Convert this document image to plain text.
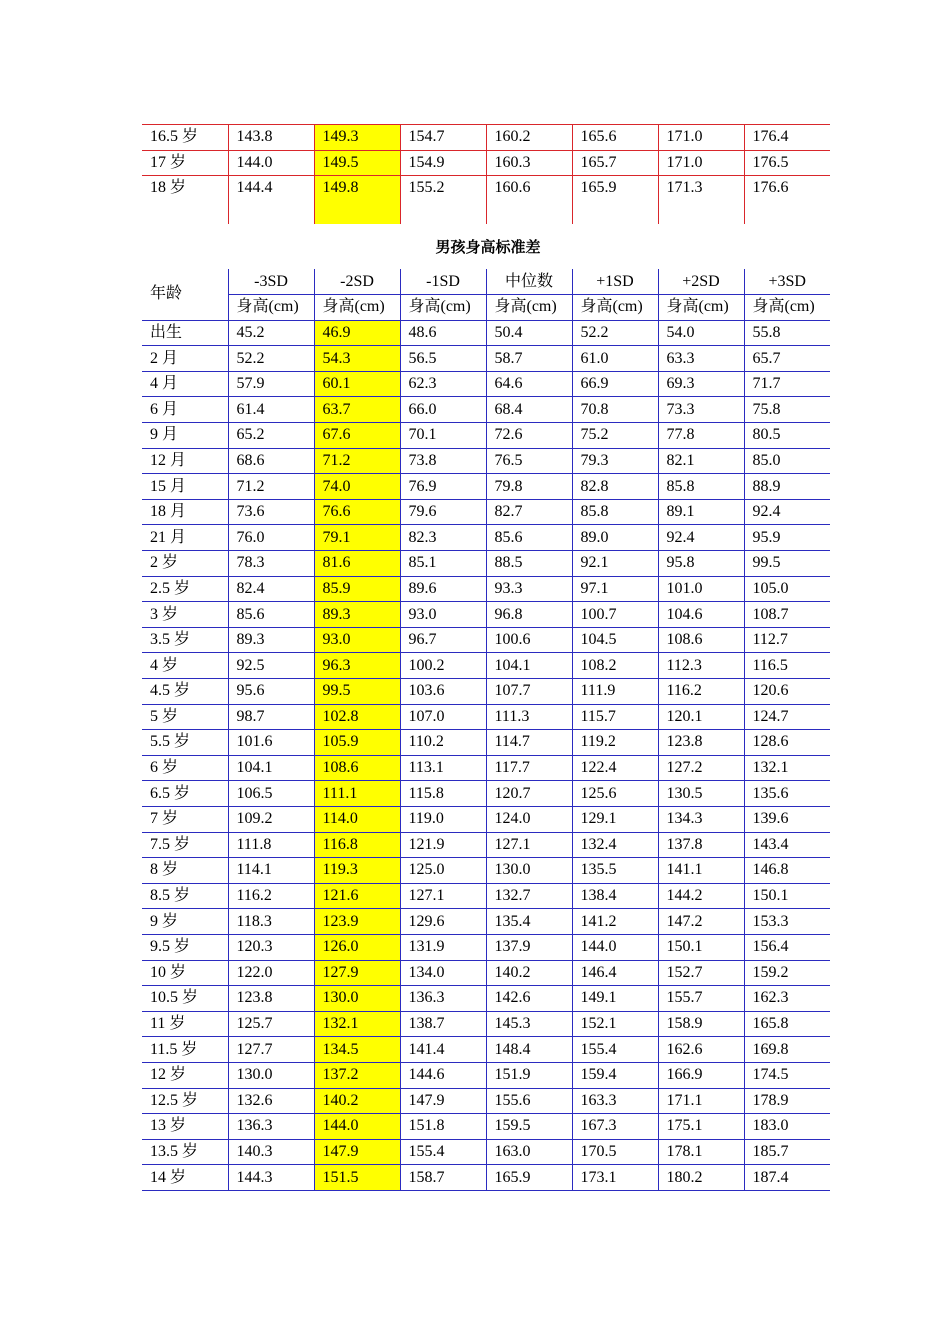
16.5 岁	143.8	149.3	154.7	160.2	165.6	171.0	176.4
17 岁	144.0	149.5	154.9	160.3	165.7	171.0	176.5
18 岁	144.4	149.8	155.2	160.6	165.9	171.3	176.6
男孩身高标准差
年龄	-3SD	-2SD	-1SD	中位数	+1SD	+2SD	+3SD
	身高(cm)	身高(cm)	身高(cm)	身高(cm)	身高(cm)	身高(cm)	身高(cm)
出生	45.2	46.9	48.6	50.4	52.2	54.0	55.8
2 月	52.2	54.3	56.5	58.7	61.0	63.3	65.7
4 月	57.9	60.1	62.3	64.6	66.9	69.3	71.7
6 月	61.4	63.7	66.0	68.4	70.8	73.3	75.8
9 月	65.2	67.6	70.1	72.6	75.2	77.8	80.5
12 月	68.6	71.2	73.8	76.5	79.3	82.1	85.0
15 月	71.2	74.0	76.9	79.8	82.8	85.8	88.9
18 月	73.6	76.6	79.6	82.7	85.8	89.1	92.4
21 月	76.0	79.1	82.3	85.6	89.0	92.4	95.9
2 岁	78.3	81.6	85.1	88.5	92.1	95.8	99.5
2.5 岁	82.4	85.9	89.6	93.3	97.1	101.0	105.0
3 岁	85.6	89.3	93.0	96.8	100.7	104.6	108.7
3.5 岁	89.3	93.0	96.7	100.6	104.5	108.6	112.7
4 岁	92.5	96.3	100.2	104.1	108.2	112.3	116.5
4.5 岁	95.6	99.5	103.6	107.7	111.9	116.2	120.6
5 岁	98.7	102.8	107.0	111.3	115.7	120.1	124.7
5.5 岁	101.6	105.9	110.2	114.7	119.2	123.8	128.6
6 岁	104.1	108.6	113.1	117.7	122.4	127.2	132.1
6.5 岁	106.5	111.1	115.8	120.7	125.6	130.5	135.6
7 岁	109.2	114.0	119.0	124.0	129.1	134.3	139.6
7.5 岁	111.8	116.8	121.9	127.1	132.4	137.8	143.4
8 岁	114.1	119.3	125.0	130.0	135.5	141.1	146.8
8.5 岁	116.2	121.6	127.1	132.7	138.4	144.2	150.1
9 岁	118.3	123.9	129.6	135.4	141.2	147.2	153.3
9.5 岁	120.3	126.0	131.9	137.9	144.0	150.1	156.4
10 岁	122.0	127.9	134.0	140.2	146.4	152.7	159.2
10.5 岁	123.8	130.0	136.3	142.6	149.1	155.7	162.3
11 岁	125.7	132.1	138.7	145.3	152.1	158.9	165.8
11.5 岁	127.7	134.5	141.4	148.4	155.4	162.6	169.8
12 岁	130.0	137.2	144.6	151.9	159.4	166.9	174.5
12.5 岁	132.6	140.2	147.9	155.6	163.3	171.1	178.9
13 岁	136.3	144.0	151.8	159.5	167.3	175.1	183.0
13.5 岁	140.3	147.9	155.4	163.0	170.5	178.1	185.7
14 岁	144.3	151.5	158.7	165.9	173.1	180.2	187.4
